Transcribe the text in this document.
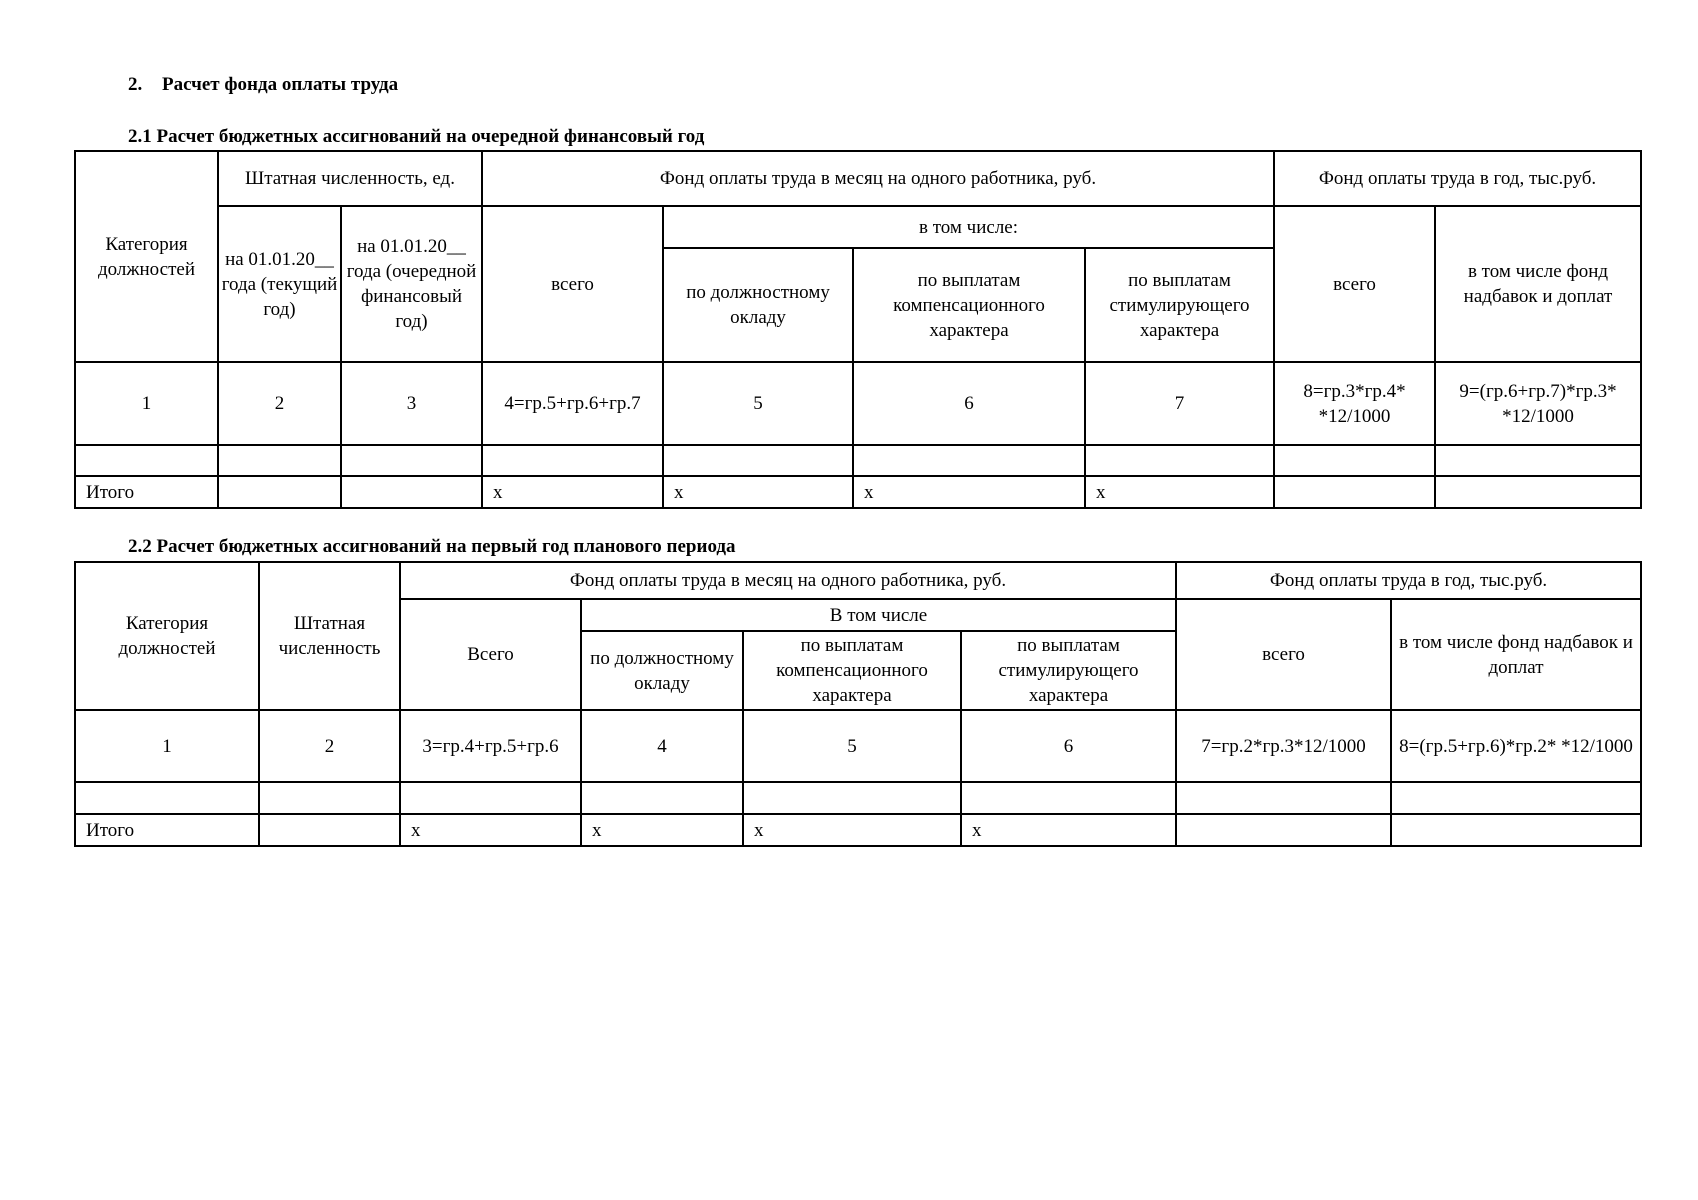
2. Расчет фонда оплаты труда
2.1 Расчет бюджетных ассигнований на очередной финансовый год
Категория должностей	Штатная численность, ед.		Фонд оплаты труда в месяц на одного работника, руб.				Фонд оплаты труда в год, тыс.руб.	
	на 01.01.20__ года (текущий год)	на 01.01.20__ года (очередной финансовый год)	всего	в том числе:			всего	в том числе фонд надбавок и доплат
				по должностному окладу	по выплатам компенсационного характера	по выплатам стимулирующего характера		
1	2	3	4=гр.5+гр.6+гр.7	5	6	7	8=гр.3*гр.4* *12/1000	9=(гр.6+гр.7)*гр.3* *12/1000

Итого			x	x	x	x		
2.2 Расчет бюджетных ассигнований на первый год планового периода
Категория должностей	Штатная численность	Фонд оплаты труда в месяц на одного работника, руб.				Фонд оплаты труда в год, тыс.руб.	
		Всего	В том числе			всего	в том числе фонд надбавок и доплат
			по должностному окладу	по выплатам компенсационного характера	по выплатам стимулирующего характера		
1	2	3=гр.4+гр.5+гр.6	4	5	6	7=гр.2*гр.3*12/1000	8=(гр.5+гр.6)*гр.2* *12/1000

Итого		x	x	x	x		
